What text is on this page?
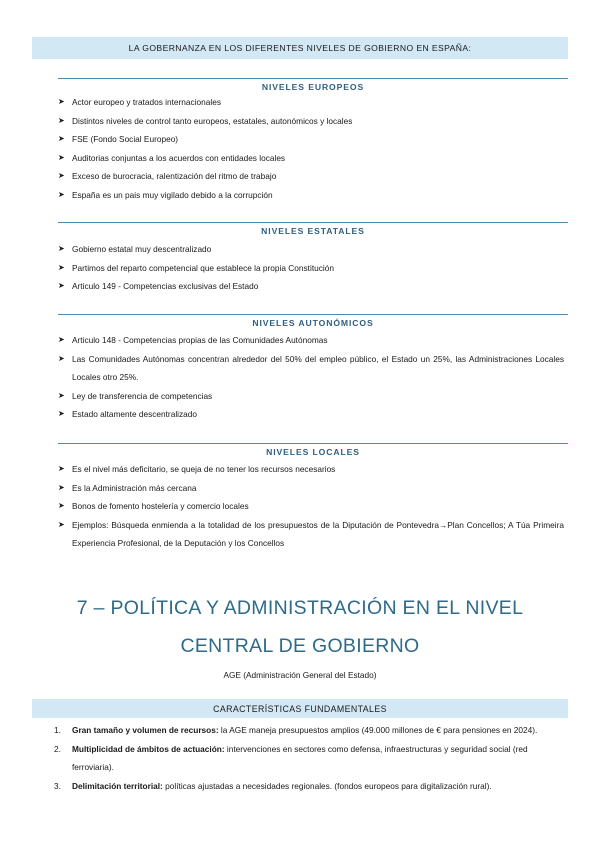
LA GOBERNANZA EN LOS DIFERENTES NIVELES DE GOBIERNO EN ESPAÑA:
NIVELES EUROPEOS
➤ Actor europeo y tratados internacionales
➤ Distintos niveles de control tanto europeos, estatales, autonómicos y locales
➤ FSE (Fondo Social Europeo)
➤ Auditorias conjuntas a los acuerdos con entidades locales
➤ Exceso de burocracia, ralentización del ritmo de trabajo
➤ España es un pais muy vigilado debido a la corrupción
NIVELES ESTATALES
➤ Gobierno estatal muy descentralizado
➤ Partimos del reparto competencial que establece la propia Constitución
➤ Articulo 149 - Competencias exclusivas del Estado
NIVELES AUTONÓMICOS
➤ Articulo 148 - Competencias propias de las Comunidades Autónomas
➤ Las Comunidades Autónomas concentran alrededor del 50% del empleo público, el Estado un 25%, las Administraciones Locales Locales otro 25%.
➤ Ley de transferencia de competencias
➤ Estado altamente descentralizado
NIVELES LOCALES
➤ Es el nivel más deficitario, se queja de no tener los recursos necesarios
➤ Es la Administración más cercana
➤ Bonos de fomento hostelería y comercio locales
➤ Ejemplos: Búsqueda enmienda a la totalidad de los presupuestos de la Diputación de Pontevedra→Plan Concellos; A Túa Primeira Experiencia Profesional, de la Deputación y los Concellos
7 – POLÍTICA Y ADMINISTRACIÓN EN EL NIVEL
CENTRAL DE GOBIERNO
AGE (Administración General del Estado)
CARACTERÍSTICAS FUNDAMENTALES
1. Gran tamaño y volumen de recursos: la AGE maneja presupuestos amplios (49.000 millones de € para pensiones en 2024).
2. Multiplicidad de ámbitos de actuación: intervenciones en sectores como defensa, infraestructuras y seguridad social (red ferroviaria).
3. Delimitación territorial: políticas ajustadas a necesidades regionales. (fondos europeos para digitalización rural).
